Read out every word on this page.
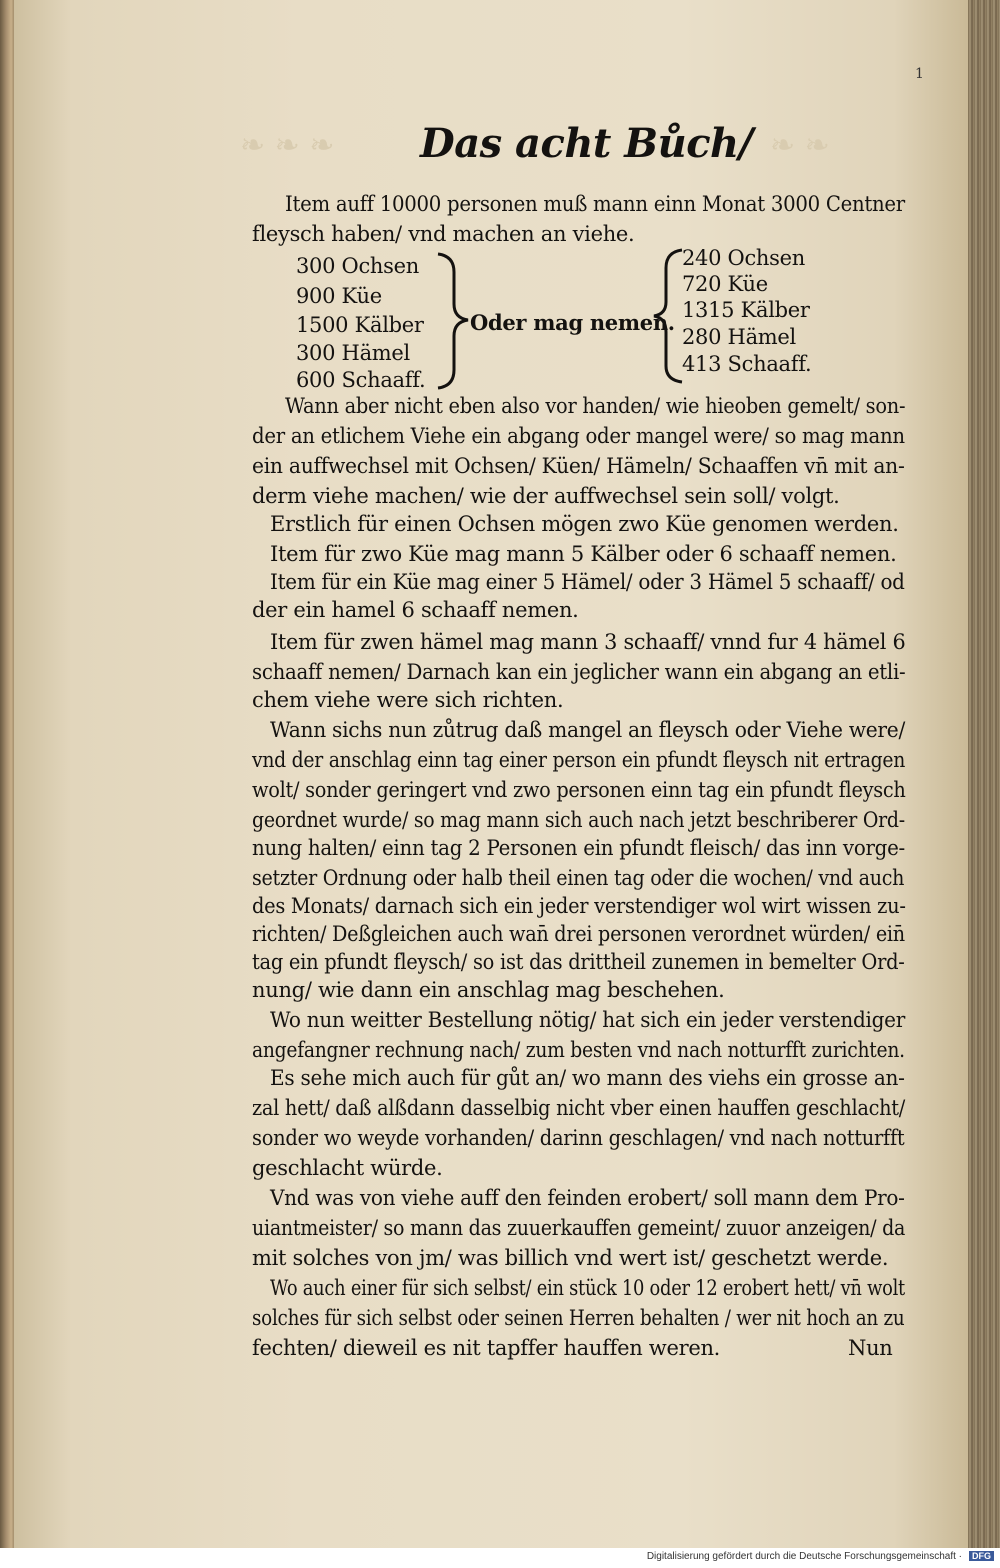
❧ ❧ ❧	❧ ❧
1
Das acht Bůch/
Item auff 10000 personen muß mann einn Monat 3000 Centner
fleysch haben/ vnd machen an viehe.
300 Ochsen
900 Küe
1500 Kälber
300 Hämel
600 Schaaff.
Oder mag nemen.
240 Ochsen
720 Küe
1315 Kälber
280 Hämel
413 Schaaff.
Wann aber nicht eben also vor handen/ wie hieoben gemelt/ son-
der an etlichem Viehe ein abgang oder mangel were/ so mag mann
ein auffwechsel mit Ochsen/ Küen/ Hämeln/ Schaaffen vn̄ mit an-
derm viehe machen/ wie der auffwechsel sein soll/ volgt.
Erstlich für einen Ochsen mögen zwo Küe genomen werden.
Item für zwo Küe mag mann 5 Kälber oder 6 schaaff nemen.
Item für ein Küe mag einer 5 Hämel/ oder 3 Hämel 5 schaaff/ od
der ein hamel 6 schaaff nemen.
Item für zwen hämel mag mann 3 schaaff/ vnnd fur 4 hämel 6
schaaff nemen/ Darnach kan ein jeglicher wann ein abgang an etli-
chem viehe were sich richten.
Wann sichs nun zůtrug daß mangel an fleysch oder Viehe were/
vnd der anschlag einn tag einer person ein pfundt fleysch nit ertragen
wolt/ sonder geringert vnd zwo personen einn tag ein pfundt fleysch
geordnet wurde/ so mag mann sich auch nach jetzt beschriberer Ord-
nung halten/ einn tag 2 Personen ein pfundt fleisch/ das inn vorge-
setzter Ordnung oder halb theil einen tag oder die wochen/ vnd auch
des Monats/ darnach sich ein jeder verstendiger wol wirt wissen zu-
richten/ Deßgleichen auch wan̄ drei personen verordnet würden/ ein̄
tag ein pfundt fleysch/ so ist das drittheil zunemen in bemelter Ord-
nung/ wie dann ein anschlag mag beschehen.
Wo nun weitter Bestellung nötig/ hat sich ein jeder verstendiger
angefangner rechnung nach/ zum besten vnd nach notturfft zurichten.
Es sehe mich auch für gůt an/ wo mann des viehs ein grosse an-
zal hett/ daß alßdann dasselbig nicht vber einen hauffen geschlacht/
sonder wo weyde vorhanden/ darinn geschlagen/ vnd nach notturfft
geschlacht würde.
Vnd was von viehe auff den feinden erobert/ soll mann dem Pro-
uiantmeister/ so mann das zuuerkauffen gemeint/ zuuor anzeigen/ da
mit solches von jm/ was billich vnd wert ist/ geschetzt werde.
Wo auch einer für sich selbst/ ein stück 10 oder 12 erobert hett/ vn̄ wolt
solches für sich selbst oder seinen Herren behalten / wer nit hoch an zu
fechten/ dieweil es nit tapffer hauffen weren.	Nun
Digitalisierung gefördert durch die Deutsche Forschungsgemeinschaft ·	DFG
